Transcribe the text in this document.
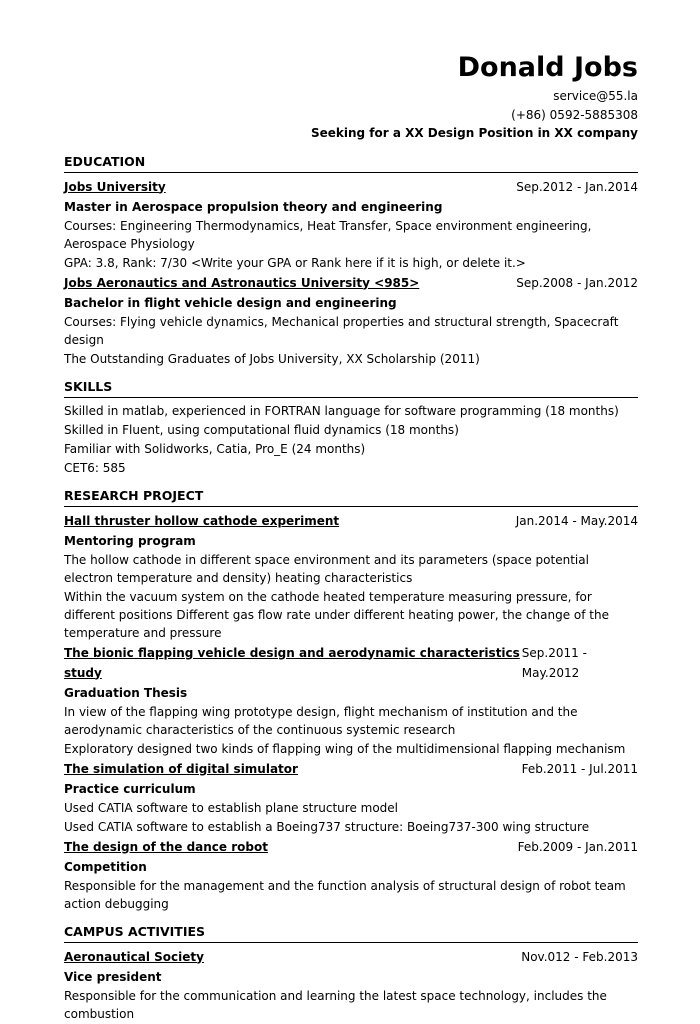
Donald Jobs
service@55.la
(+86) 0592-5885308
Seeking for a XX Design Position in XX company
EDUCATION
Jobs University	Sep.2012 - Jan.2014
Master in Aerospace propulsion theory and engineering
Courses: Engineering Thermodynamics, Heat Transfer, Space environment engineering, Aerospace Physiology
GPA: 3.8, Rank: 7/30 <Write your GPA or Rank here if it is high, or delete it.>
Jobs Aeronautics and Astronautics University <985>	Sep.2008 - Jan.2012
Bachelor in flight vehicle design and engineering
Courses: Flying vehicle dynamics, Mechanical properties and structural strength, Spacecraft design
The Outstanding Graduates of Jobs University, XX Scholarship (2011)
SKILLS
Skilled in matlab, experienced in FORTRAN language for software programming (18 months)
Skilled in Fluent, using computational fluid dynamics (18 months)
Familiar with Solidworks, Catia, Pro_E (24 months)
CET6: 585
RESEARCH PROJECT
Hall thruster hollow cathode experiment	Jan.2014 - May.2014
Mentoring program
The hollow cathode in different space environment and its parameters (space potential electron temperature and density) heating characteristics
Within the vacuum system on the cathode heated temperature measuring pressure, for different positions Different gas flow rate under different heating power, the change of the temperature and pressure
The bionic flapping vehicle design and aerodynamic characteristics study
Sep.2011 - May.2012
Graduation Thesis
In view of the flapping wing prototype design, flight mechanism of institution and the aerodynamic characteristics of the continuous systemic research
Exploratory designed two kinds of flapping wing of the multidimensional flapping mechanism
The simulation of digital simulator	Feb.2011 - Jul.2011
Practice curriculum
Used CATIA software to establish plane structure model
Used CATIA software to establish a Boeing737 structure: Boeing737-300 wing structure
The design of the dance robot	Feb.2009 - Jan.2011
Competition
Responsible for the management and the function analysis of structural design of robot team action debugging
CAMPUS ACTIVITIES
Aeronautical Society	Nov.012 - Feb.2013
Vice president
Responsible for the communication and learning the latest space technology, includes the combustion
